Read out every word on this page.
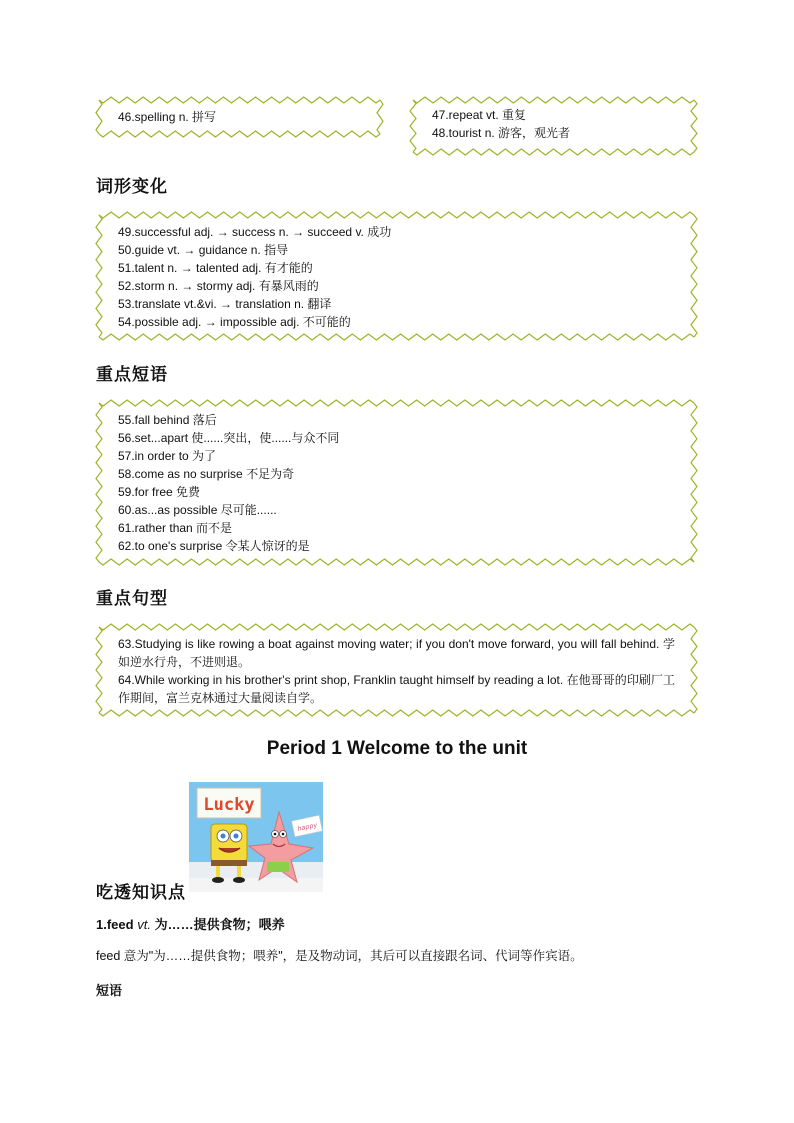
46.spelling n. 拼写	47.repeat vt. 重复
48.tourist n. 游客，观光者
词形变化
49.successful adj. → success n. → succeed v. 成功
50.guide vt. → guidance n. 指导
51.talent n. → talented adj. 有才能的
52.storm n. → stormy adj. 有暴风雨的
53.translate vt.&vi. → translation n. 翻译
54.possible adj. → impossible adj. 不可能的
重点短语
55.fall behind 落后
56.set...apart 使......突出，使......与众不同
57.in order to 为了
58.come as no surprise 不足为奇
59.for free 免费
60.as...as possible 尽可能......
61.rather than 而不是
62.to one's surprise 令某人惊讶的是
重点句型
63.Studying is like rowing a boat against moving water; if you don't move forward, you will fall behind. 学如逆水行舟，不进则退。
64.While working in his brother's print shop, Franklin taught himself by reading a lot. 在他哥哥的印刷厂工作期间，富兰克林通过大量阅读自学。
Period 1 Welcome to the unit
Lucky
happy
吃透知识点
1.feed vt. 为……提供食物；喂养
feed 意为"为……提供食物；喂养"，是及物动词，其后可以直接跟名词、代词等作宾语。
短语
